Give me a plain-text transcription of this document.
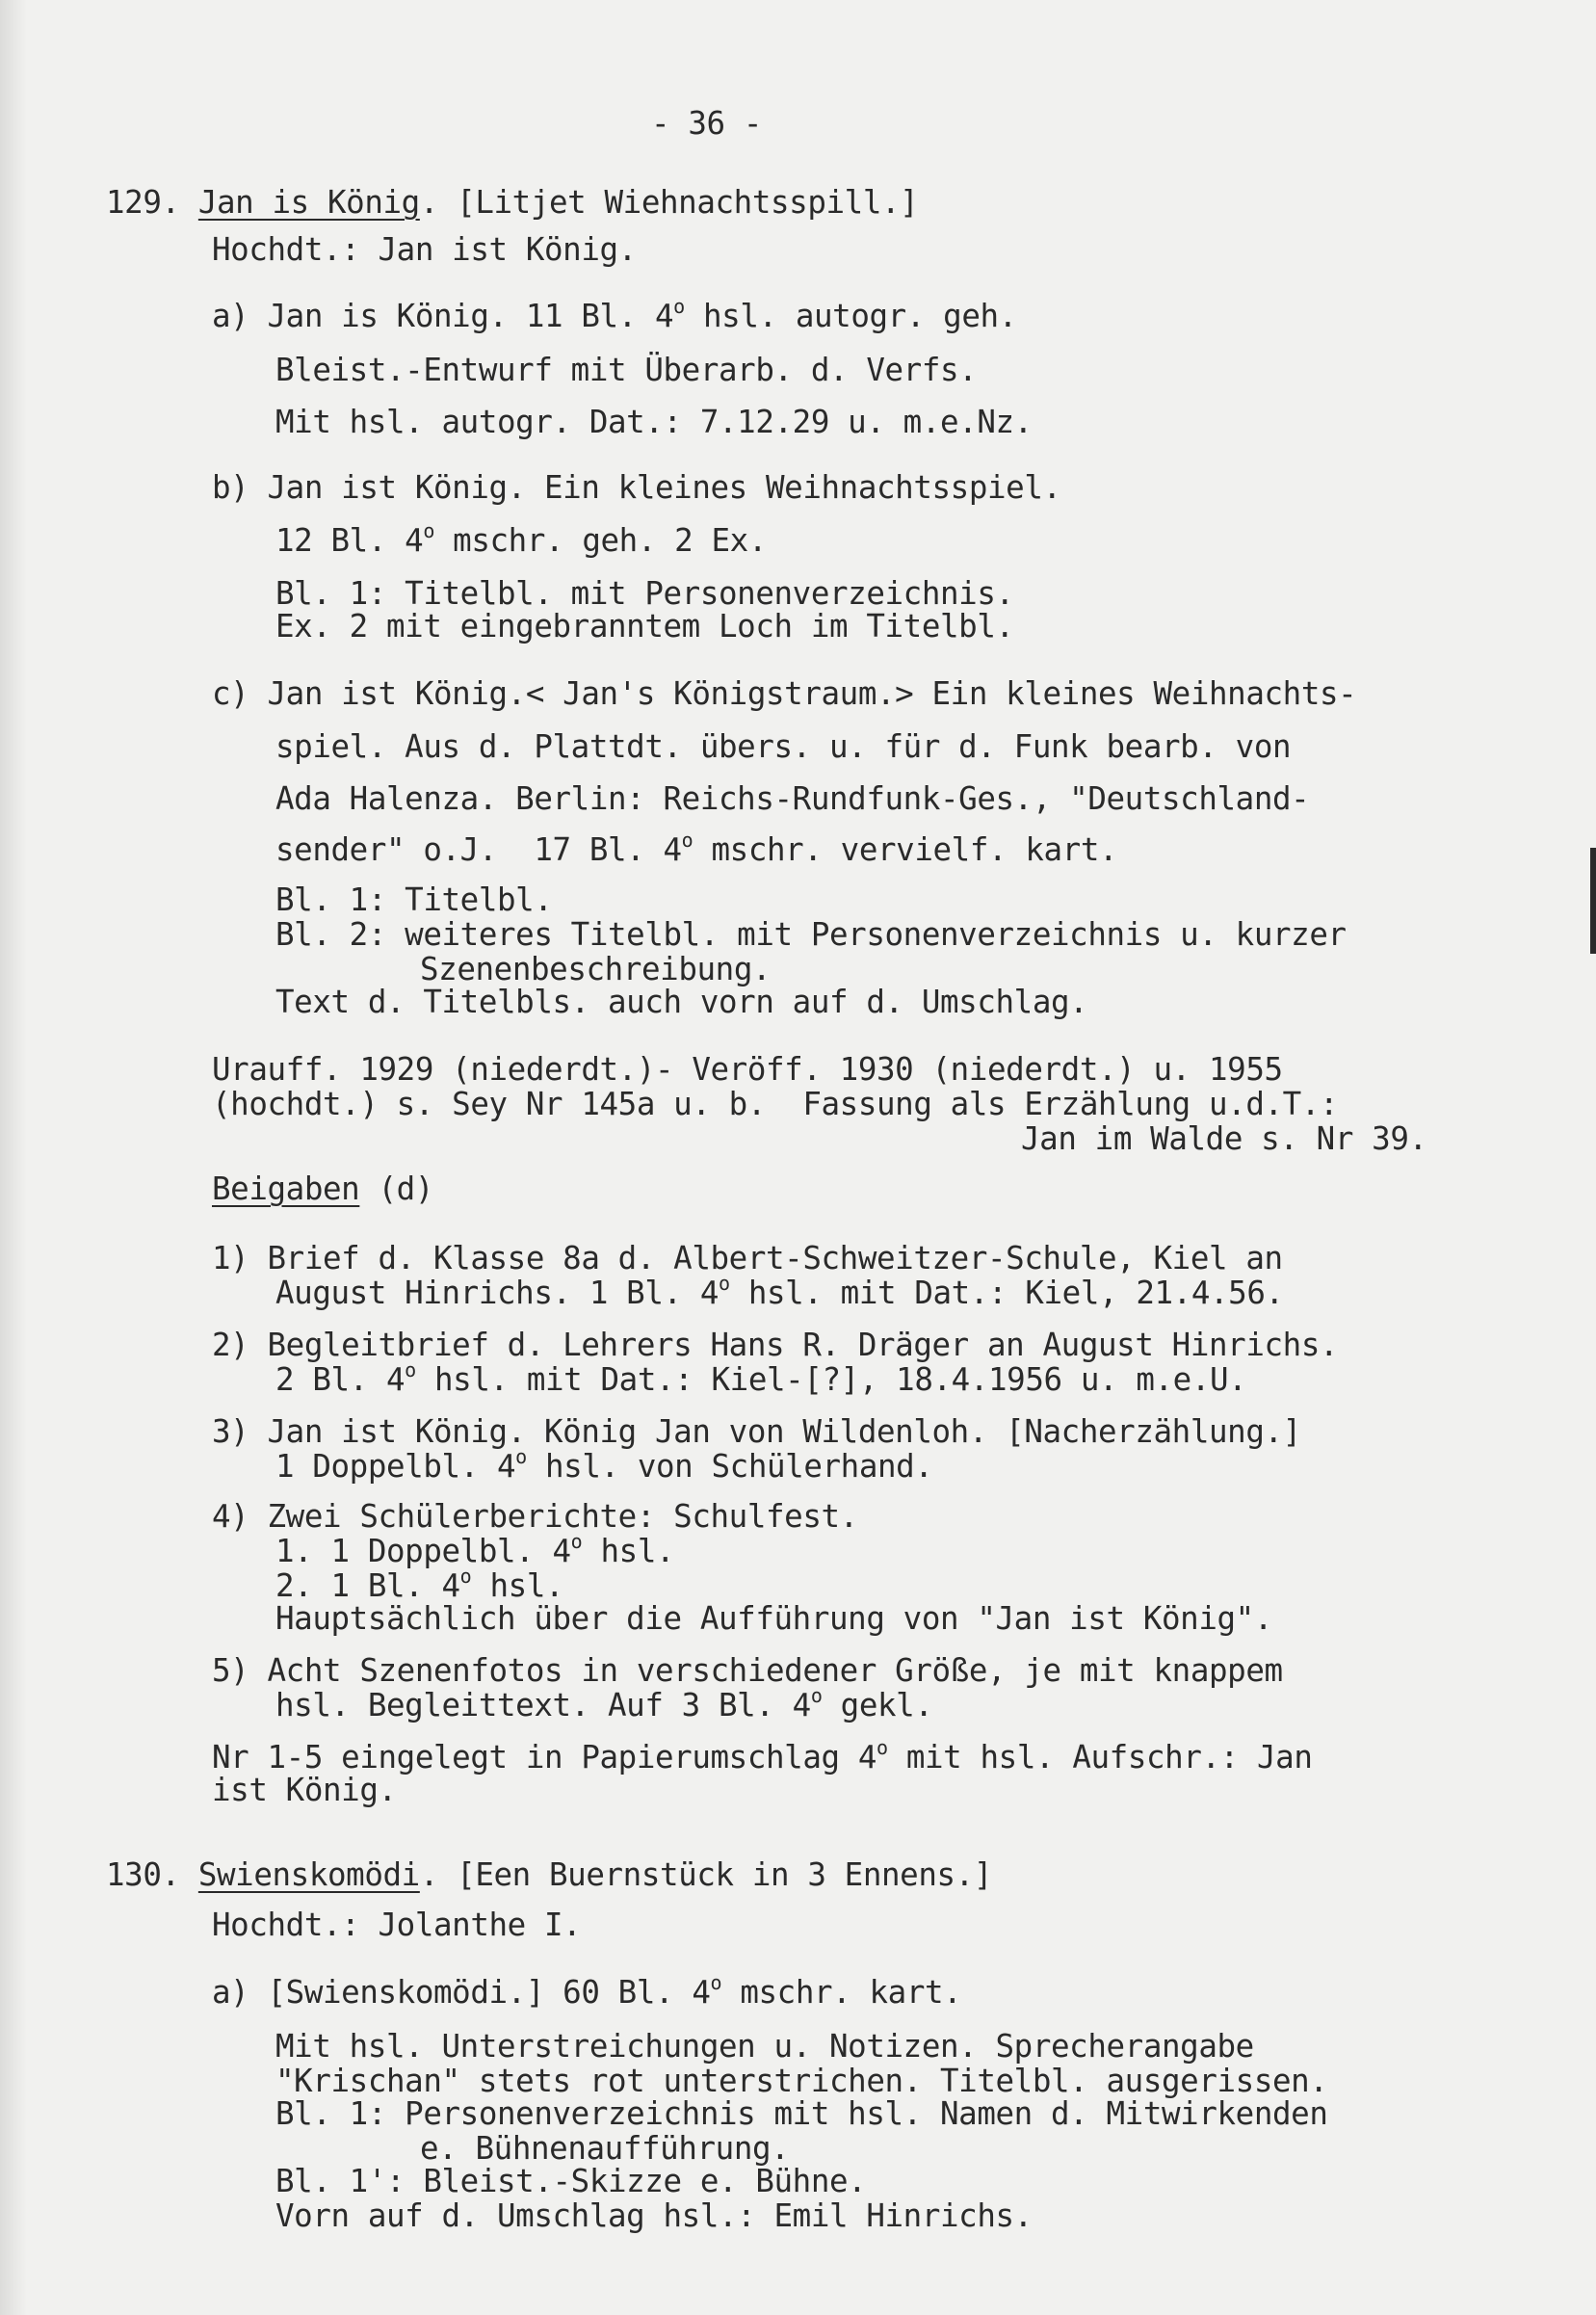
- 36 -
129. Jan is König. [Litjet Wiehnachtsspill.]
Hochdt.: Jan ist König.
a) Jan is König. 11 Bl. 4$^o$ hsl. autogr. geh.
Bleist.-Entwurf mit Überarb. d. Verfs.
Mit hsl. autogr. Dat.: 7.12.29 u. m.e.Nz.
b) Jan ist König. Ein kleines Weihnachtsspiel.
12 Bl. 4$^o$ mschr. geh. 2 Ex.
Bl. 1: Titelbl. mit Personenverzeichnis.
Ex. 2 mit eingebranntem Loch im Titelbl.
c) Jan ist König.< Jan's Königstraum.> Ein kleines Weihnachts-
spiel. Aus d. Plattdt. übers. u. für d. Funk bearb. von
Ada Halenza. Berlin: Reichs-Rundfunk-Ges., "Deutschland-
sender" o.J.  17 Bl. 4$^o$ mschr. vervielf. kart.
Bl. 1: Titelbl.
Bl. 2: weiteres Titelbl. mit Personenverzeichnis u. kurzer
Szenenbeschreibung.
Text d. Titelbls. auch vorn auf d. Umschlag.
Urauff. 1929 (niederdt.)- Veröff. 1930 (niederdt.) u. 1955
(hochdt.) s. Sey Nr 145a u. b.  Fassung als Erzählung u.d.T.:
Jan im Walde s. Nr 39.
Beigaben (d)
1) Brief d. Klasse 8a d. Albert-Schweitzer-Schule, Kiel an
August Hinrichs. 1 Bl. 4$^o$ hsl. mit Dat.: Kiel, 21.4.56.
2) Begleitbrief d. Lehrers Hans R. Dräger an August Hinrichs.
2 Bl. 4$^o$ hsl. mit Dat.: Kiel-[?], 18.4.1956 u. m.e.U.
3) Jan ist König. König Jan von Wildenloh. [Nacherzählung.]
1 Doppelbl. 4$^o$ hsl. von Schülerhand.
4) Zwei Schülerberichte: Schulfest.
1. 1 Doppelbl. 4$^o$ hsl.
2. 1 Bl. 4$^o$ hsl.
Hauptsächlich über die Aufführung von "Jan ist König".
5) Acht Szenenfotos in verschiedener Größe, je mit knappem
hsl. Begleittext. Auf 3 Bl. 4$^o$ gekl.
Nr 1-5 eingelegt in Papierumschlag 4$^o$ mit hsl. Aufschr.: Jan
ist König.
130. Swienskomödi. [Een Buernstück in 3 Ennens.]
Hochdt.: Jolanthe I.
a) [Swienskomödi.] 60 Bl. 4$^o$ mschr. kart.
Mit hsl. Unterstreichungen u. Notizen. Sprecherangabe
"Krischan" stets rot unterstrichen. Titelbl. ausgerissen.
Bl. 1: Personenverzeichnis mit hsl. Namen d. Mitwirkenden
e. Bühnenaufführung.
Bl. 1': Bleist.-Skizze e. Bühne.
Vorn auf d. Umschlag hsl.: Emil Hinrichs.
